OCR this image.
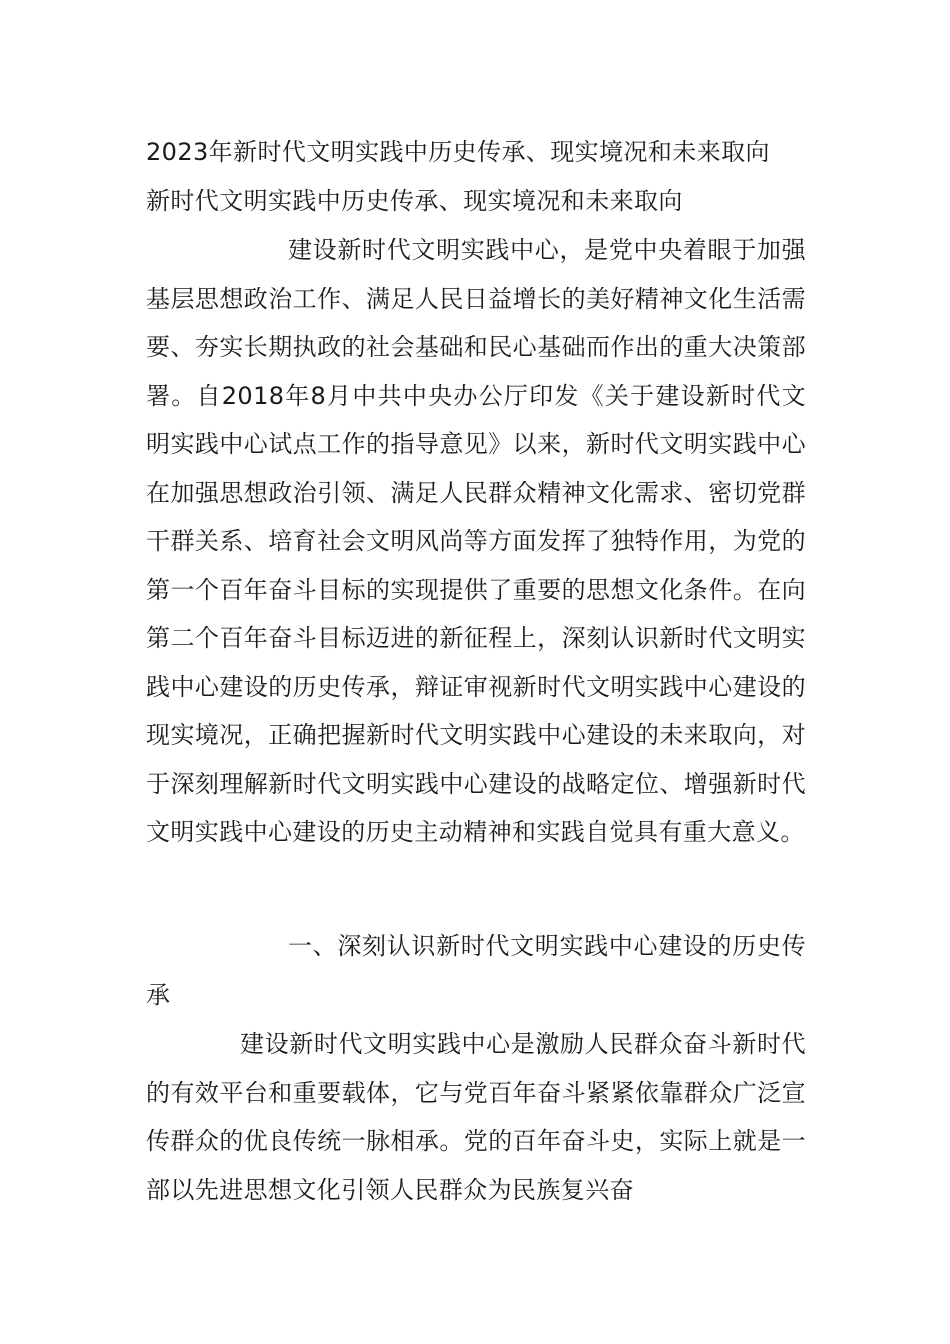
2023年新时代文明实践中历史传承、现实境况和未来取向

新时代文明实践中历史传承、现实境况和未来取向

建设新时代文明实践中心，是党中央着眼于加强基层思想政治工作、满足人民日益增长的美好精神文化生活需要、夯实长期执政的社会基础和民心基础而作出的重大决策部署。自2018年8月中共中央办公厅印发《关于建设新时代文明实践中心试点工作的指导意见》以来，新时代文明实践中心在加强思想政治引领、满足人民群众精神文化需求、密切党群干群关系、培育社会文明风尚等方面发挥了独特作用，为党的第一个百年奋斗目标的实现提供了重要的思想文化条件。在向第二个百年奋斗目标迈进的新征程上，深刻认识新时代文明实践中心建设的历史传承，辩证审视新时代文明实践中心建设的现实境况，正确把握新时代文明实践中心建设的未来取向，对于深刻理解新时代文明实践中心建设的战略定位、增强新时代文明实践中心建设的历史主动精神和实践自觉具有重大意义。

一、深刻认识新时代文明实践中心建设的历史传承

建设新时代文明实践中心是激励人民群众奋斗新时代的有效平台和重要载体，它与党百年奋斗紧紧依靠群众广泛宣传群众的优良传统一脉相承。党的百年奋斗史，实际上就是一部以先进思想文化引领人民群众为民族复兴奋
